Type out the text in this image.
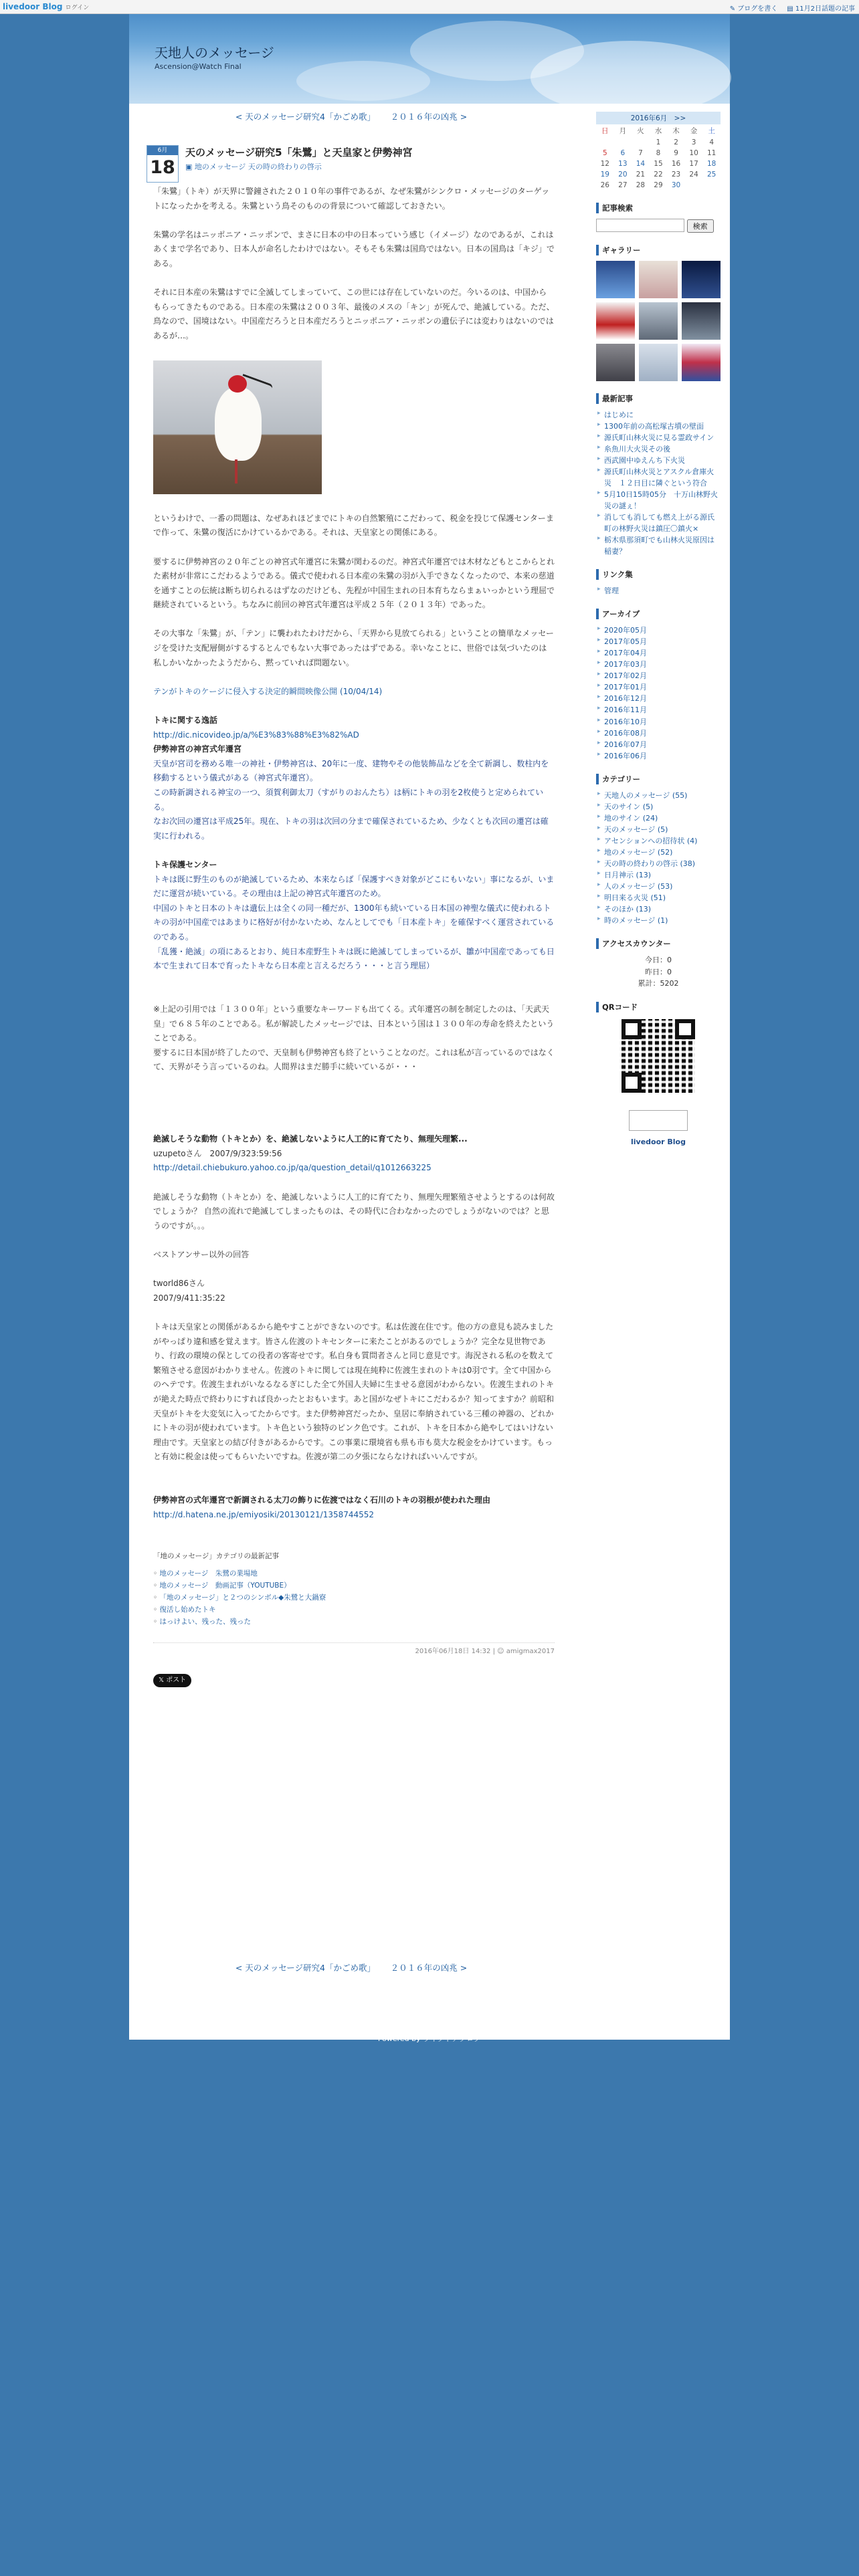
livedoor Blog ログイン	✎ ブログを書く ▤ 11月2日話題の記事
天地人のメッセージ
Ascension@Watch Final
< 天のメッセージ研究4「かごめ歌」　　 ２０１６年の凶兆 >
6月
18
天のメッセージ研究5「朱鷺」と天皇家と伊勢神宮
▣ 地のメッセージ 天の時の終わりの啓示

「朱鷺」（トキ）が天界に警鐘された２０１０年の事件であるが、なぜ朱鷺がシンクロ・メッセージのターゲットになったかを考える。朱鷺という鳥そのものの背景について確認しておきたい。

朱鷺の学名はニッポニア・ニッポンで、まさに日本の中の日本っていう感じ（イメージ）なのであるが、これはあくまで学名であり、日本人が命名したわけではない。そもそも朱鷺は国鳥ではない。日本の国鳥は「キジ」である。

それに日本産の朱鷺はすでに全滅してしまっていて、この世には存在していないのだ。今いるのは、中国からもらってきたものである。日本産の朱鷺は２００３年、最後のメスの「キン」が死んで、絶滅している。ただ、鳥なので、国境はない。中国産だろうと日本産だろうとニッポニア・ニッポンの遺伝子には変わりはないのではあるが…。

というわけで、一番の問題は、なぜあれほどまでにトキの自然繁殖にこだわって、税金を投じて保護センターまで作って、朱鷺の復活にかけているかである。それは、天皇家との関係にある。

要するに伊勢神宮の２０年ごとの神宮式年遷宮に朱鷺が関わるのだ。神宮式年遷宮では木材などもとこからとれた素材が非常にこだわるようである。儀式で使われる日本産の朱鷺の羽が入手できなくなったので、本来の慈道を通すことの伝統は断ち切られるはずなのだけども、先程が中国生まれの日本育ちならまぁいっかという理屈で継続されているという。ちなみに前回の神宮式年遷宮は平成２５年（２０１３年）であった。

その大事な「朱鷺」が、「テン」に襲われたわけだから、「天界から見放てられる」ということの簡単なメッセージを受けた支配層側がするするとんでもない大事であったはずである。幸いなことに、世俗では気づいたのは私しかいなかったようだから、黙っていれば問題ない。

テンがトキのケージに侵入する決定的瞬間映像公開 (10/04/14)

トキに関する逸話

http://dic.nicovideo.jp/a/%E3%83%88%E3%82%AD

伊勢神宮の神宮式年遷宮

天皇が宮司を務める唯一の神社・伊勢神宮は、20年に一度、建物やその他装飾品などを全て新調し、数柱内を移動するという儀式がある（神宮式年遷宮）。

この時新調される神宝の一つ、須賀利御太刀（すがりのおんたち）は柄にトキの羽を2枚使うと定められている。

なお次回の遷宮は平成25年。現在、トキの羽は次回の分まで確保されているため、少なくとも次回の遷宮は確実に行われる。

トキ保護センター

トキは既に野生のものが絶滅しているため、本来ならば「保護すべき対象がどこにもいない」事になるが、いまだに運営が続いている。その理由は上記の神宮式年遷宮のため。

中国のトキと日本のトキは遺伝上は全くの同一種だが、1300年も続いている日本国の神聖な儀式に使われるトキの羽が中国産ではあまりに格好が付かないため、なんとしてでも「日本産トキ」を確保すべく運営されているのである。

「乱獲・絶滅」の項にあるとおり、純日本産野生トキは既に絶滅してしまっているが、雛が中国産であっても日本で生まれて日本で育ったトキなら日本産と言えるだろう・・・と言う理屈）

※上記の引用では「１３００年」という重要なキーワードも出てくる。式年遷宮の制を制定したのは、「天武天皇」で６８５年のことである。私が解読したメッセージでは、日本という国は１３００年の寿命を終えたということである。

要するに日本国が終了したので、天皇制も伊勢神宮も終了ということなのだ。これは私が言っているのではなくて、天界がそう言っているのね。人間界はまだ勝手に続いているが・・・

絶滅しそうな動物（トキとか）を、絶滅しないように人工的に育てたり、無理矢理繁...

uzupetoさん　2007/9/323:59:56

http://detail.chiebukuro.yahoo.co.jp/qa/question_detail/q1012663225

絶滅しそうな動物（トキとか）を、絶滅しないように人工的に育てたり、無理矢理繁殖させようとするのは何故でしょうか？ 自然の流れで絶滅してしまったものは、その時代に合わなかったのでしょうがないのでは？と思うのですが。。。

ベストアンサー以外の回答

tworld86さん

2007/9/411:35:22

トキは天皇家との関係があるから絶やすことができないのです。私は佐渡在住です。他の方の意見も読みましたがやっぱり違和感を覚えます。皆さん佐渡のトキセンターに来たことがあるのでしょうか？完全な見世物であり、行政の環境の保としての役者の客寄せです。私自身も質問者さんと同じ意見です。海況される私のを数えて繁殖させる意図がわかりません。佐渡のトキに関しては現在純粋に佐渡生まれのトキは0羽です。全て中国からのヘテです。佐渡生まれがいなるなるぎにした全て外国人夫婦に生ませる意図がわからない。佐渡生まれのトキが絶えた時点で終わりにすれば良かったとおもいます。あと国がなぜトキにこだわるか？知ってますか？前昭和天皇がトキを大変気に入ってたからです。また伊勢神宮だったか、皇居に奉納されている三種の神器の、どれかにトキの羽が使われています。トキ色という独特のピンク色です。これが、トキを日本から絶やしてはいけない理由です。天皇家との結び付きがあるからです。この事業に環境省も県も市も莫大な税金をかけています。もっと有効に税金は使ってもらいたいですね。佐渡が第二の夕張にならなければいいんですが。

伊勢神宮の式年遷宮で新調される太刀の飾りに佐渡ではなく石川のトキの羽根が使われた理由

http://d.hatena.ne.jp/emiyosiki/20130121/1358744552

「地のメッセージ」カテゴリの最新記事

◦ 地のメッセージ　朱鷺の業場地

◦ 地のメッセージ　動画記事（YOUTUBE）

◦ 「地のメッセージ」と２つのシンボル◆朱鷺と大鍋寮

◦ 復活し始めたトキ

◦ はっけよい、残った、残った

2016年06月18日 14:32 | ☺ amigmax2017

𝕏 ポスト
< 天のメッセージ研究4「かごめ歌」　　 ２０１６年の凶兆 >
2016年6月　>>						
日	月	火	水	木	金	土
			1	2	3	4
5	6	7	8	9	10	11
12	13	14	15	16	17	18
19	20	21	22	23	24	25
26	27	28	29	30		
記事検索
検索
ギャラリー
最新記事
▸ はじめに
▸ 1300年前の高松塚古墳の壁面
▸ 源氏町山林火災に見る霊政サイン
▸ 糸魚川大火災その後
▸ 西武園中ゆえんち下火災
▸ 源氏町山林火災とアスクル倉庫火災　１２日目に隣ぐという符合
▸ 5月10日15時05分　十万山林野火災の謎ぇ！
▸ 消しても消しても燃え上がる源氏町の林野火災は鎮圧〇鎮火×
▸ 栃木県那須町でも山林火災原因は稲妻？
リンク集
▸ 管理
アーカイブ
▸ 2020年05月
▸ 2017年05月
▸ 2017年04月
▸ 2017年03月
▸ 2017年02月
▸ 2017年01月
▸ 2016年12月
▸ 2016年11月
▸ 2016年10月
▸ 2016年08月
▸ 2016年07月
▸ 2016年06月
カテゴリー
▸ 天地人のメッセージ (55)
▸ 天のサイン (5)
▸ 地のサイン (24)
▸ 天のメッセージ (5)
▸ アセンションへの招待状 (4)
▸ 地のメッセージ (52)
▸ 天の時の終わりの啓示 (38)
▸ 日月神示 (13)
▸ 人のメッセージ (53)
▸ 明日来る火災 (51)
▸ そのほか (13)
▸ 時のメッセージ (1)
アクセスカウンター
今日：0
昨日：0
累計：5202
QRコード
livedoor Blog
Powered by ライブドアブログ
